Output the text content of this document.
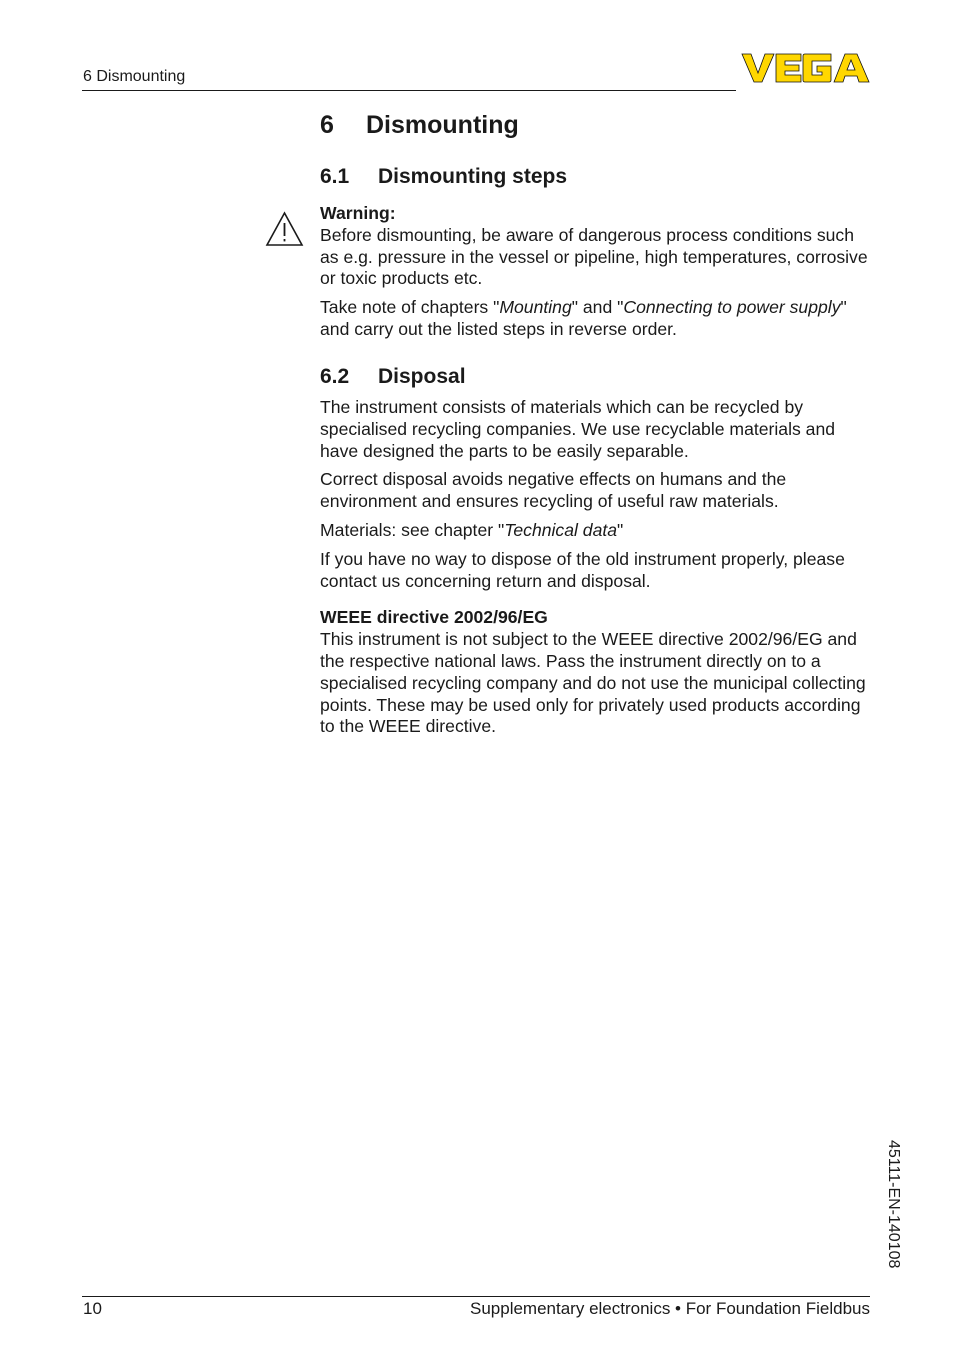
6 Dismounting
6 Dismounting
6.1 Dismounting steps

Warning:

Before dismounting, be aware of dangerous process conditions such as e.g. pressure in the vessel or pipeline, high temperatures, corrosive or toxic products etc.

Take note of chapters "Mounting" and "Connecting to power supply" and carry out the listed steps in reverse order.

6.2 Disposal

The instrument consists of materials which can be recycled by specialised recycling companies. We use recyclable materials and have designed the parts to be easily separable.

Correct disposal avoids negative effects on humans and the environment and ensures recycling of useful raw materials.

Materials: see chapter "Technical data"

If you have no way to dispose of the old instrument properly, please contact us concerning return and disposal.

WEEE directive 2002/96/EG

This instrument is not subject to the WEEE directive 2002/96/EG and the respective national laws. Pass the instrument directly on to a specialised recycling company and do not use the municipal collecting points. These may be used only for privately used products according to the WEEE directive.

45111-EN-140108
10	Supplementary electronics • For Foundation Fieldbus
